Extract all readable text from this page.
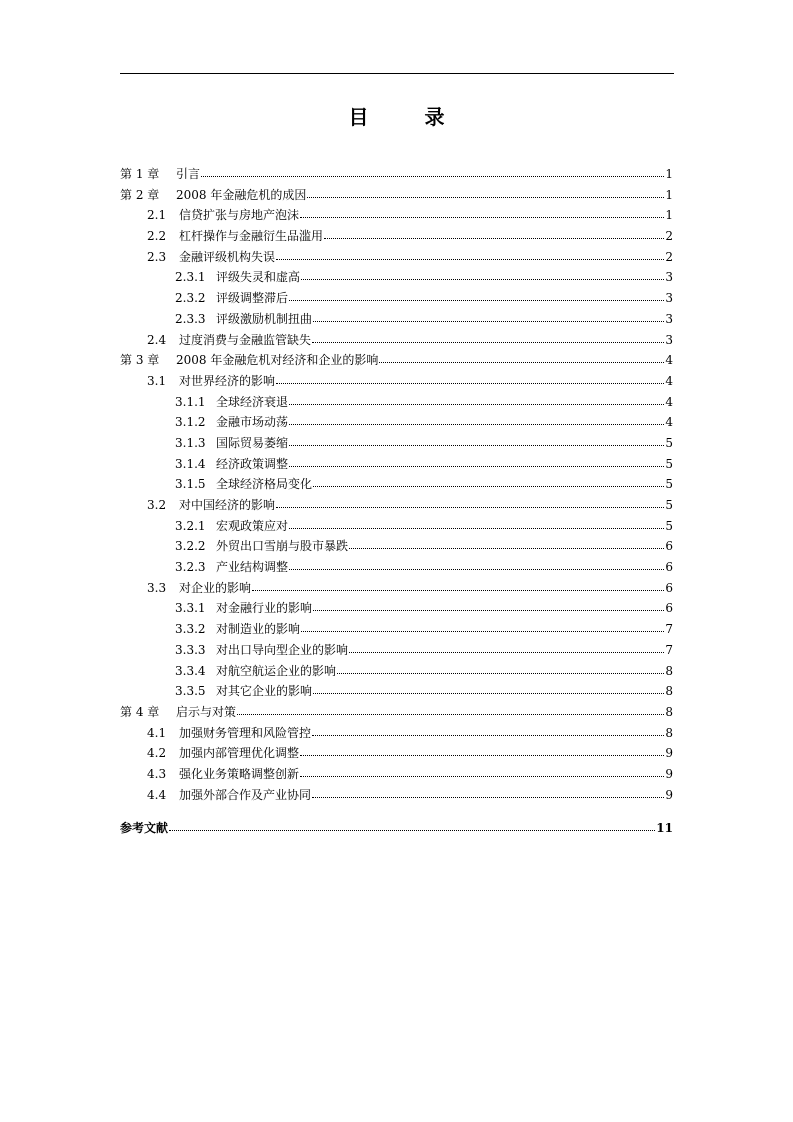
目　录
第 1 章	引言	1
第 2 章	2008 年金融危机的成因	1
2.1	信贷扩张与房地产泡沫	1
2.2	杠杆操作与金融衍生品滥用	2
2.3	金融评级机构失误	2
2.3.1 评级失灵和虚高	3
2.3.2 评级调整滞后	3
2.3.3 评级激励机制扭曲	3
2.4	过度消费与金融监管缺失	3
第 3 章	2008 年金融危机对经济和企业的影响	4
3.1	对世界经济的影响	4
3.1.1 全球经济衰退	4
3.1.2 金融市场动荡	4
3.1.3 国际贸易萎缩	5
3.1.4 经济政策调整	5
3.1.5 全球经济格局变化	5
3.2	对中国经济的影响	5
3.2.1 宏观政策应对	5
3.2.2 外贸出口雪崩与股市暴跌	6
3.2.3 产业结构调整	6
3.3	对企业的影响	6
3.3.1 对金融行业的影响	6
3.3.2 对制造业的影响	7
3.3.3 对出口导向型企业的影响	7
3.3.4 对航空航运企业的影响	8
3.3.5 对其它企业的影响	8
第 4 章	启示与对策	8
4.1	加强财务管理和风险管控	8
4.2	加强内部管理优化调整	9
4.3	强化业务策略调整创新	9
4.4	加强外部合作及产业协同	9
参考文献	11
